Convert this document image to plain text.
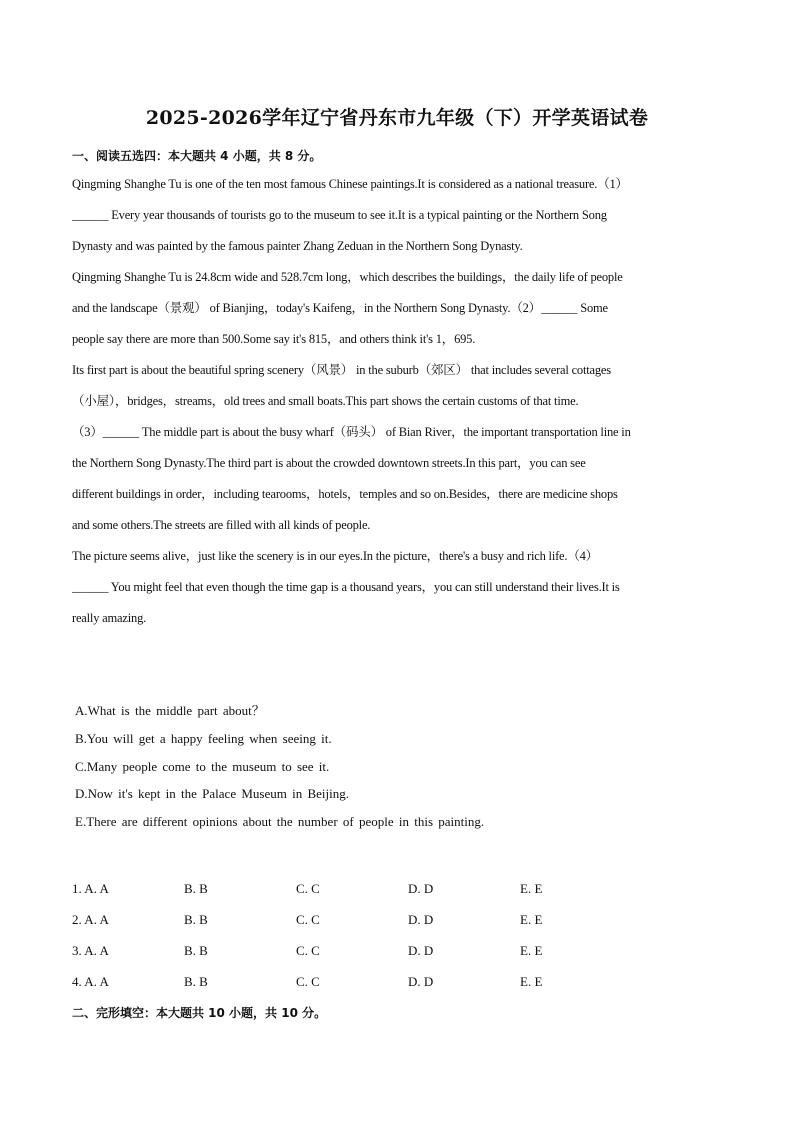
2025-2026学年辽宁省丹东市九年级（下）开学英语试卷
一、阅读五选四：本大题共 4 小题，共 8 分。
Qingming Shanghe Tu is one of the ten most famous Chinese paintings.It is considered as a national treasure.（1）
______ Every year thousands of tourists go to the museum to see it.It is a typical painting or the Northern Song
Dynasty and was painted by the famous painter Zhang Zeduan in the Northern Song Dynasty.
Qingming Shanghe Tu is 24.8cm wide and 528.7cm long，which describes the buildings，the daily life of people
and the landscape（景观） of Bianjing，today's Kaifeng，in the Northern Song Dynasty.（2）______ Some
people say there are more than 500.Some say it's 815，and others think it's 1，695.
Its first part is about the beautiful spring scenery（风景） in the suburb（郊区） that includes several cottages
（小屋），bridges，streams，old trees and small boats.This part shows the certain customs of that time.
（3）______ The middle part is about the busy wharf（码头） of Bian River，the important transportation line in
the Northern Song Dynasty.The third part is about the crowded downtown streets.In this part，you can see
different buildings in order，including tearooms，hotels，temples and so on.Besides，there are medicine shops
and some others.The streets are filled with all kinds of people.
The picture seems alive，just like the scenery is in our eyes.In the picture，there's a busy and rich life.（4）
______ You might feel that even though the time gap is a thousand years，you can still understand their lives.It is
really amazing.
A.What is the middle part about？
B.You will get a happy feeling when seeing it.
C.Many people come to the museum to see it.
D.Now it's kept in the Palace Museum in Beijing.
E.There are different opinions about the number of people in this painting.
1. A. A	B. B	C. C	D. D	E. E
2. A. A	B. B	C. C	D. D	E. E
3. A. A	B. B	C. C	D. D	E. E
4. A. A	B. B	C. C	D. D	E. E
二、完形填空：本大题共 10 小题，共 10 分。
